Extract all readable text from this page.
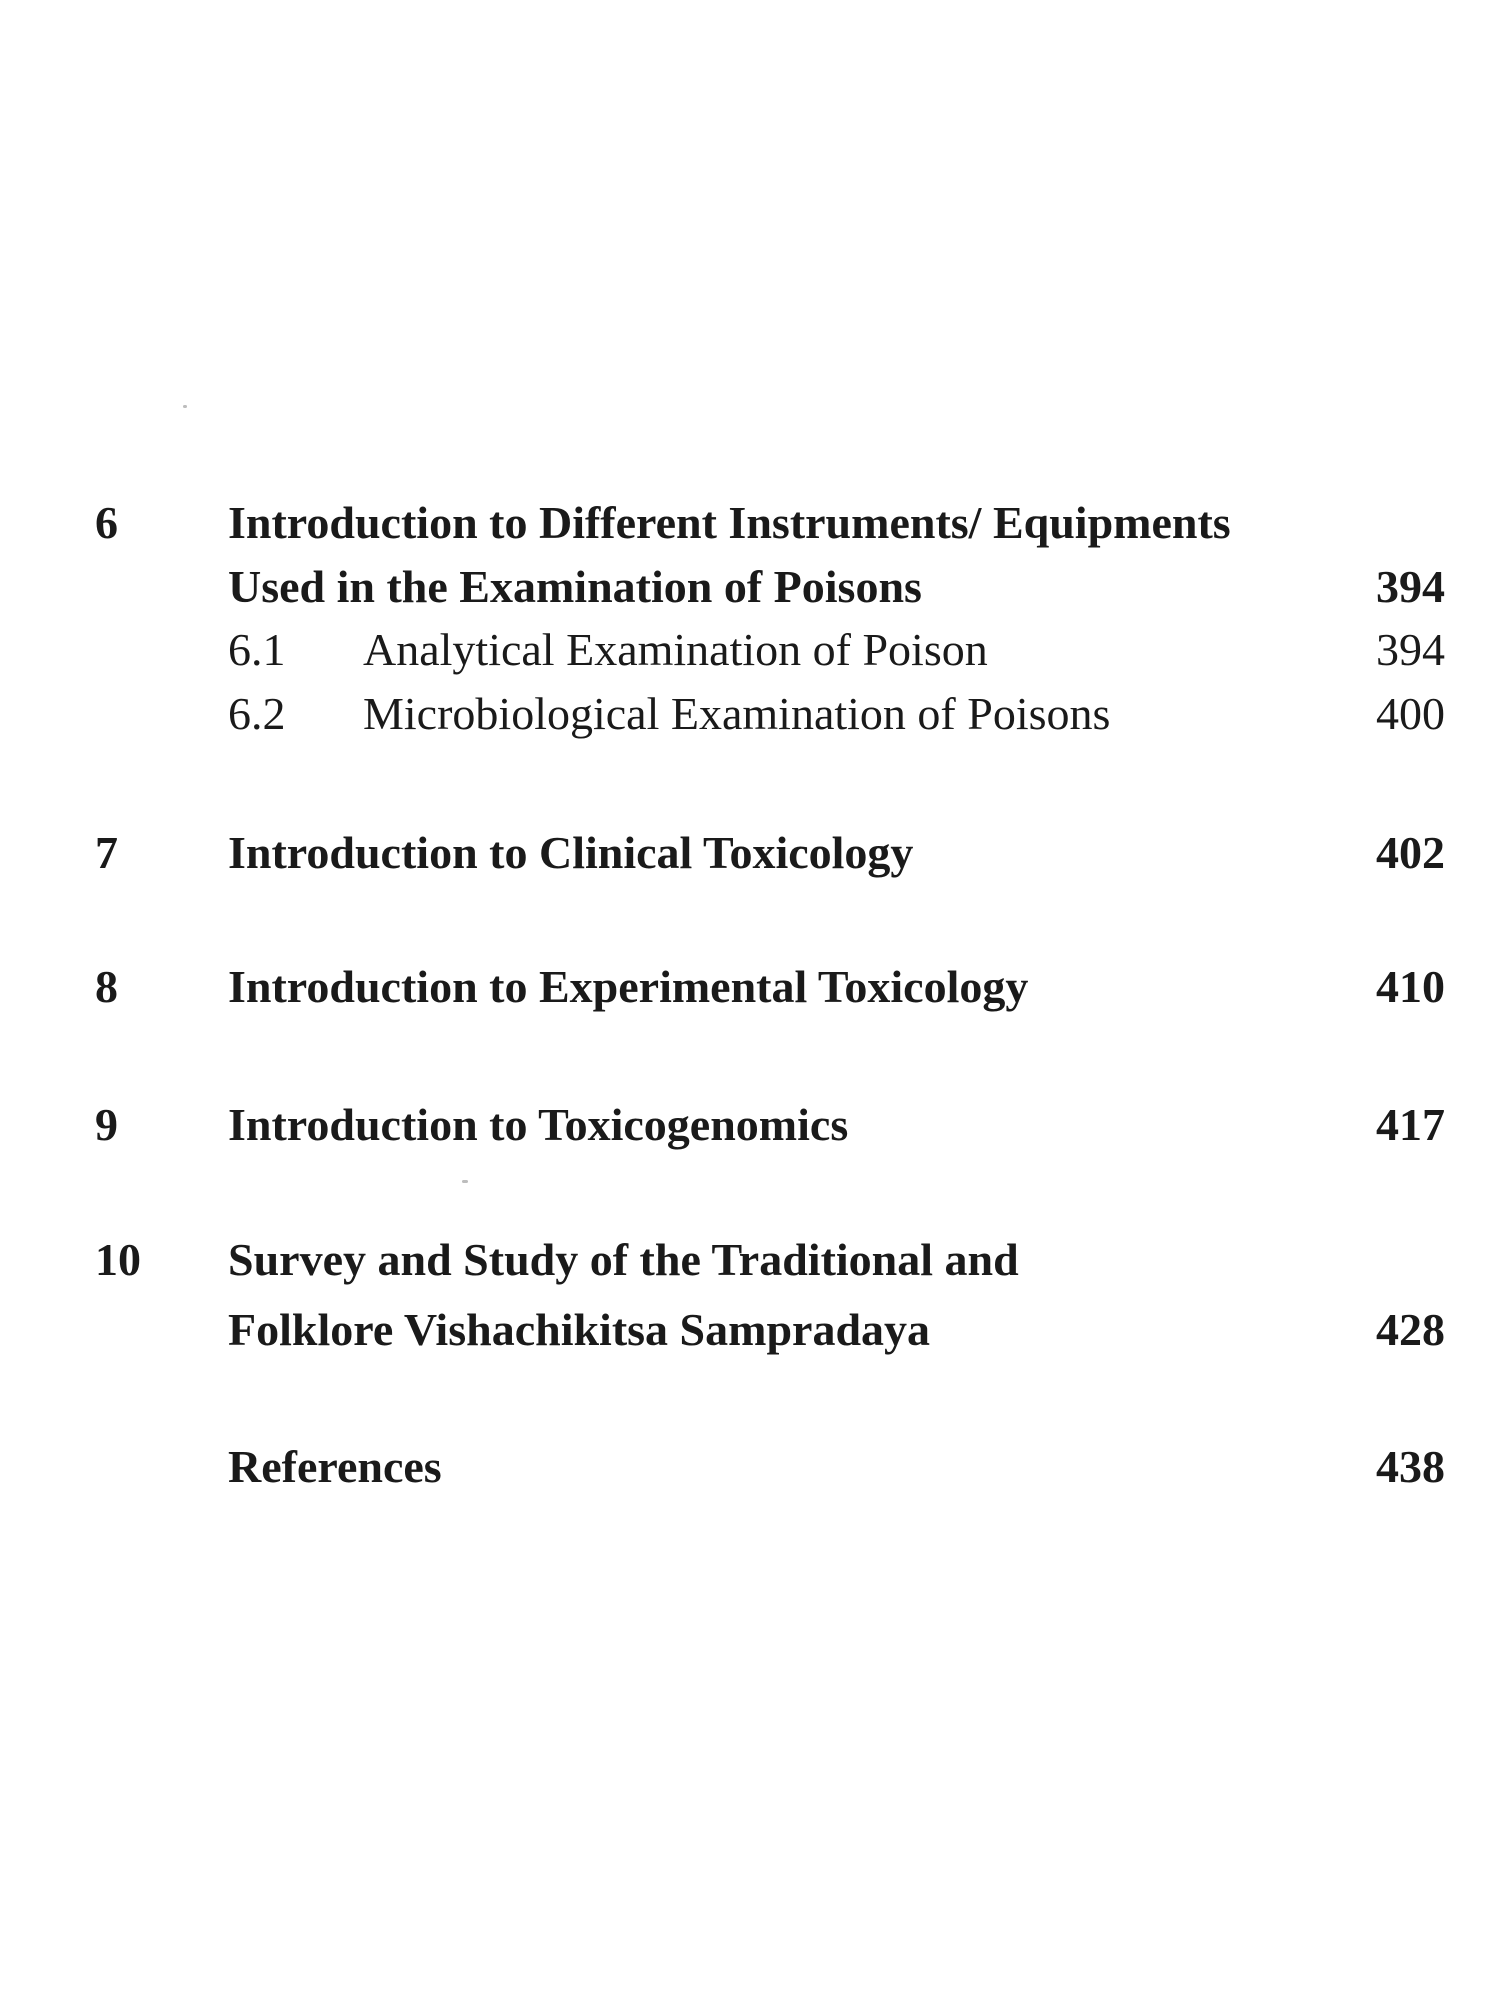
6 Introduction to Different Instruments/ Equipments
Used in the Examination of Poisons	394
6.1 Analytical Examination of Poison	394
6.2 Microbiological Examination of Poisons	400
7 Introduction to Clinical Toxicology	402
8 Introduction to Experimental Toxicology	410
9 Introduction to Toxicogenomics	417
10 Survey and Study of the Traditional and
Folklore Vishachikitsa Sampradaya	428
References	438
